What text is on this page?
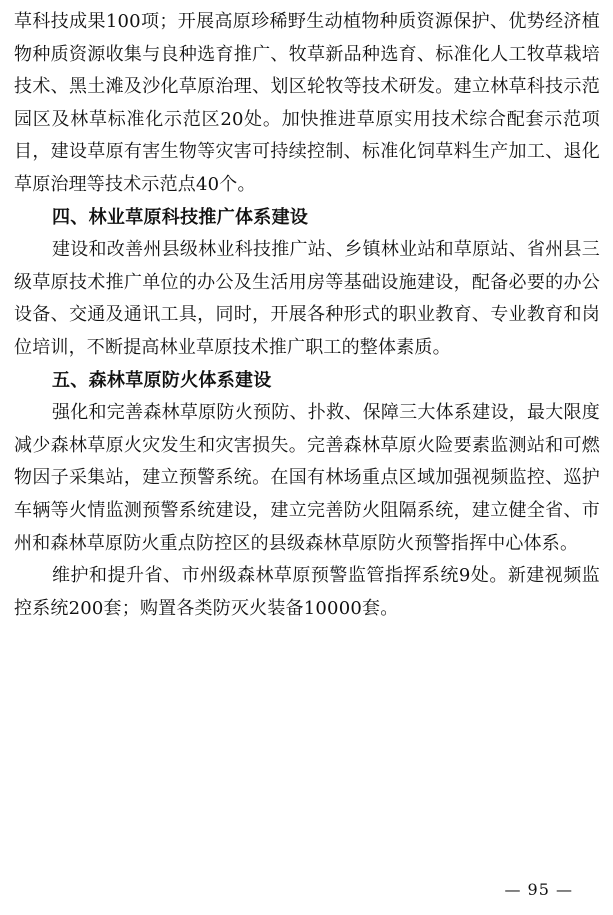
草科技成果100项；开展高原珍稀野生动植物种质资源保护、优势经济植物种质资源收集与良种选育推广、牧草新品种选育、标准化人工牧草栽培技术、黑土滩及沙化草原治理、划区轮牧等技术研发。建立林草科技示范园区及林草标准化示范区20处。加快推进草原实用技术综合配套示范项目，建设草原有害生物等灾害可持续控制、标准化饲草料生产加工、退化草原治理等技术示范点40个。

四、林业草原科技推广体系建设

建设和改善州县级林业科技推广站、乡镇林业站和草原站、省州县三级草原技术推广单位的办公及生活用房等基础设施建设，配备必要的办公设备、交通及通讯工具，同时，开展各种形式的职业教育、专业教育和岗位培训，不断提高林业草原技术推广职工的整体素质。

五、森林草原防火体系建设

强化和完善森林草原防火预防、扑救、保障三大体系建设，最大限度减少森林草原火灾发生和灾害损失。完善森林草原火险要素监测站和可燃物因子采集站，建立预警系统。在国有林场重点区域加强视频监控、巡护车辆等火情监测预警系统建设，建立完善防火阻隔系统，建立健全省、市州和森林草原防火重点防控区的县级森林草原防火预警指挥中心体系。

维护和提升省、市州级森林草原预警监管指挥系统9处。新建视频监控系统200套；购置各类防灭火装备10000套。

— 95 —
